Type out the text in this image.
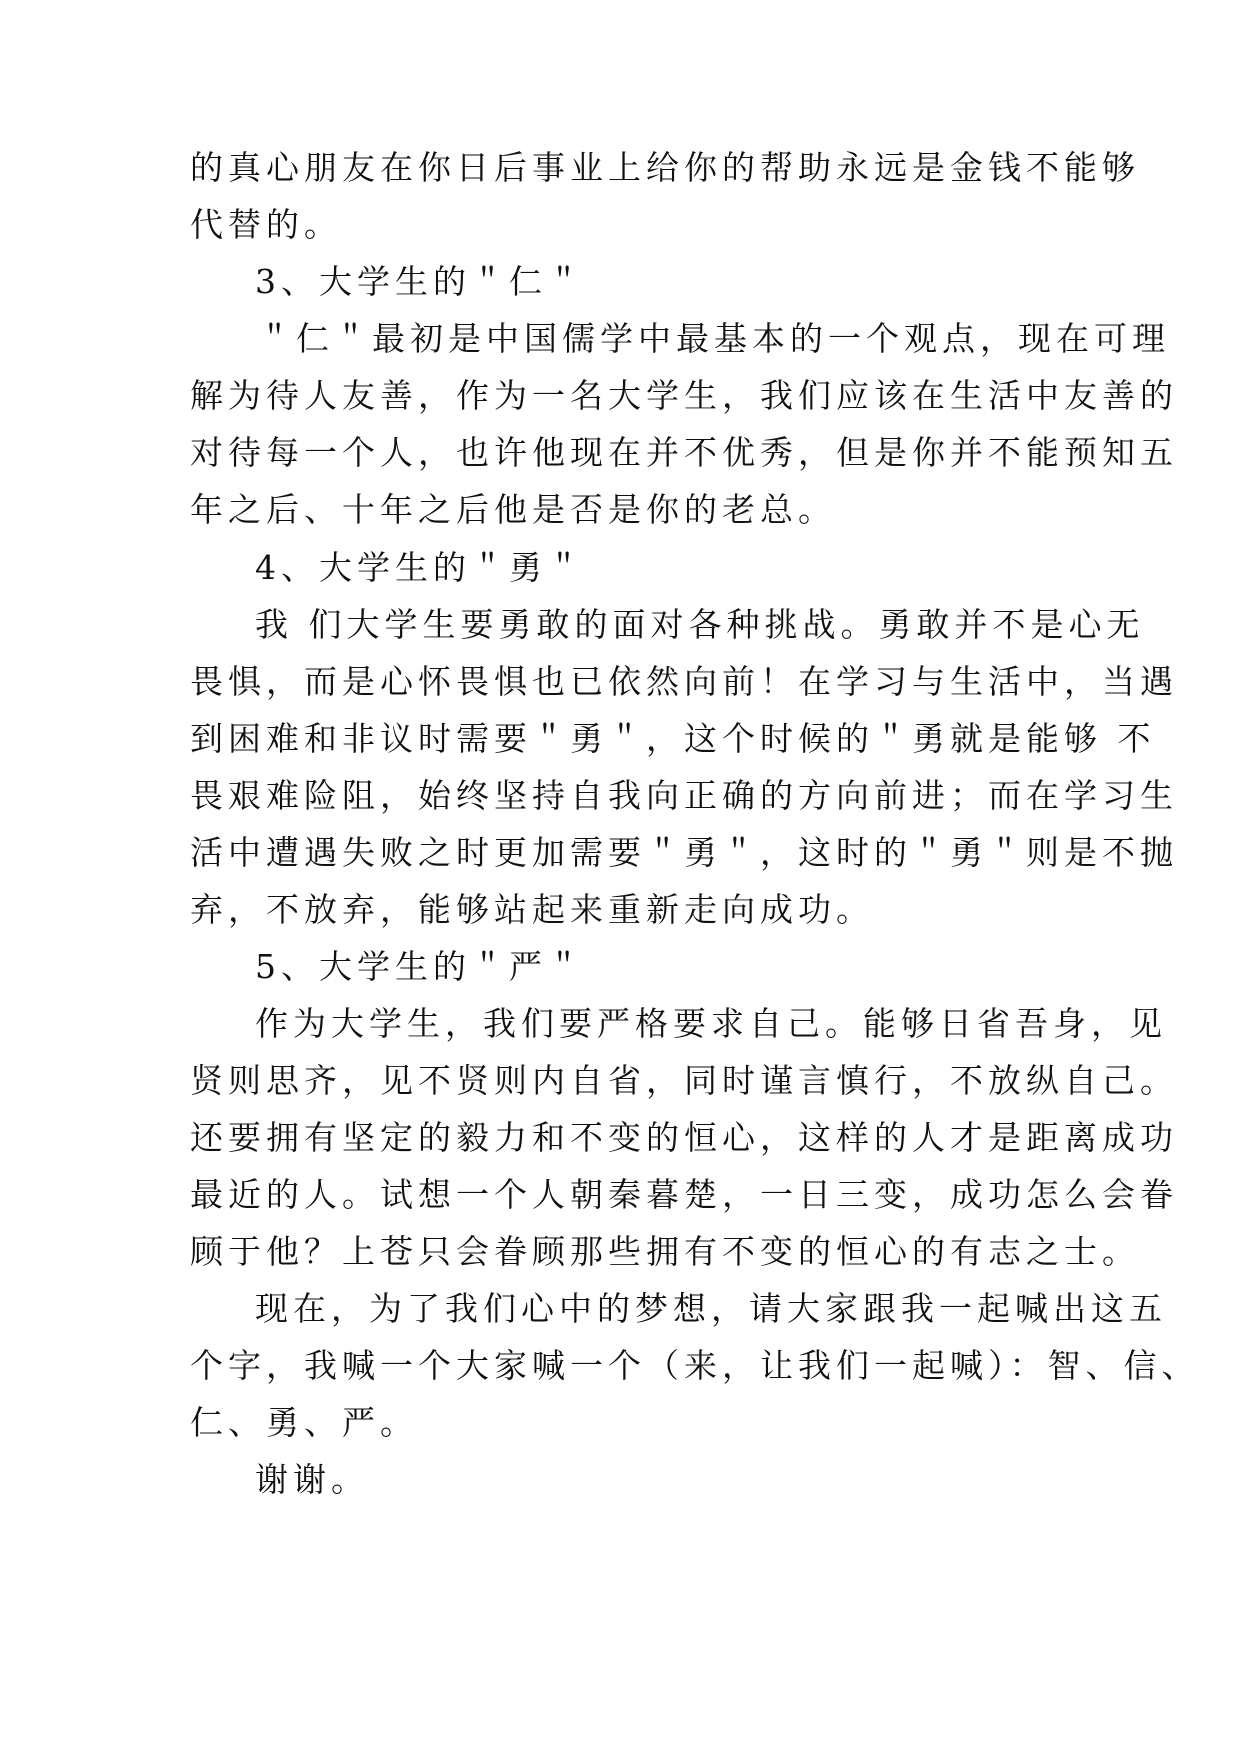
的真心朋友在你日后事业上给你的帮助永远是金钱不能够
代替的。
3、大学生的＂仁＂
＂仁＂最初是中国儒学中最基本的一个观点，现在可理
解为待人友善，作为一名大学生，我们应该在生活中友善的
对待每一个人，也许他现在并不优秀，但是你并不能预知五
年之后、十年之后他是否是你的老总。
4、大学生的＂勇＂
我 们大学生要勇敢的面对各种挑战。勇敢并不是心无
畏惧，而是心怀畏惧也已依然向前！在学习与生活中，当遇
到困难和非议时需要＂勇＂，这个时候的＂勇就是能够 不
畏艰难险阻，始终坚持自我向正确的方向前进；而在学习生
活中遭遇失败之时更加需要＂勇＂，这时的＂勇＂则是不抛
弃，不放弃，能够站起来重新走向成功。
5、大学生的＂严＂
作为大学生，我们要严格要求自己。能够日省吾身，见
贤则思齐，见不贤则内自省，同时谨言慎行，不放纵自己。
还要拥有坚定的毅力和不变的恒心，这样的人才是距离成功
最近的人。试想一个人朝秦暮楚，一日三变，成功怎么会眷
顾于他？上苍只会眷顾那些拥有不变的恒心的有志之士。
现在，为了我们心中的梦想，请大家跟我一起喊出这五
个字，我喊一个大家喊一个（来，让我们一起喊）：智、信、
仁、勇、严。
谢谢。
